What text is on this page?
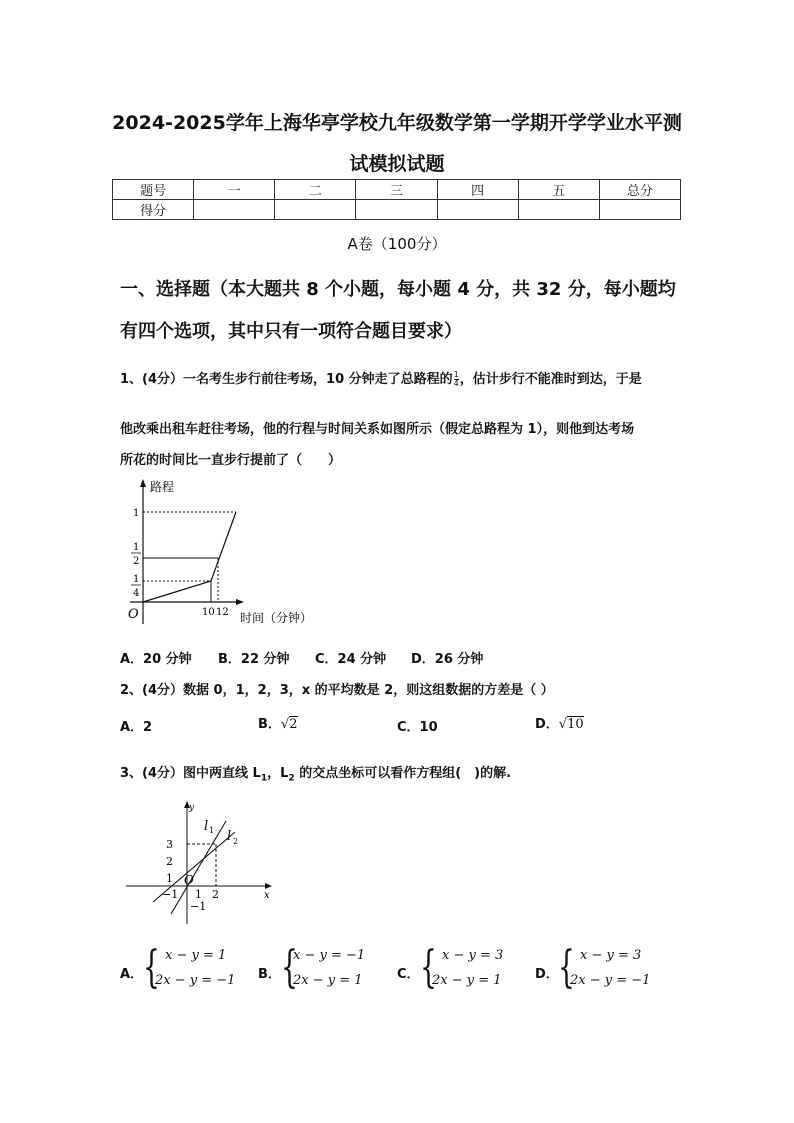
2024-2025学年上海华亭学校九年级数学第一学期开学学业水平测
试模拟试题
题号	一	二	三	四	五	总分
得分						
A卷（100分）
一、选择题（本大题共 8 个小题，每小题 4 分，共 32 分，每小题均
有四个选项，其中只有一项符合题目要求）
1、(4分）一名考生步行前往考场，10 分钟走了总路程的 $\frac{1}{4}$ ，估计步行不能准时到达，于是
他改乘出租车赶往考场，他的行程与时间关系如图所示（假定总路程为 1），则他到达考场
所花的时间比一直步行提前了（　　）
路程
时间（分钟）
O
1
1
2
1
4
10 12
A．20 分钟 B．22 分钟 C．24 分钟 D．26 分钟
2、(4分）数据 0，1，2，3，x 的平均数是 2，则这组数据的方差是（ ）
A．2	B．√2	C．10	D．√10
3、(4分）图中两直线 $L_1$，$L_2$ 的交点坐标可以看作方程组(　)的解.
y
x
l 1 l 2
3
2
1 O
−1 1 2
−1
A． { x − y = 1
2x − y = −1 B． {
x − y = −1
2x − y = 1	C． { x − y = 3
2x − y = 1	D． { x − y = 3
2x − y = −1
